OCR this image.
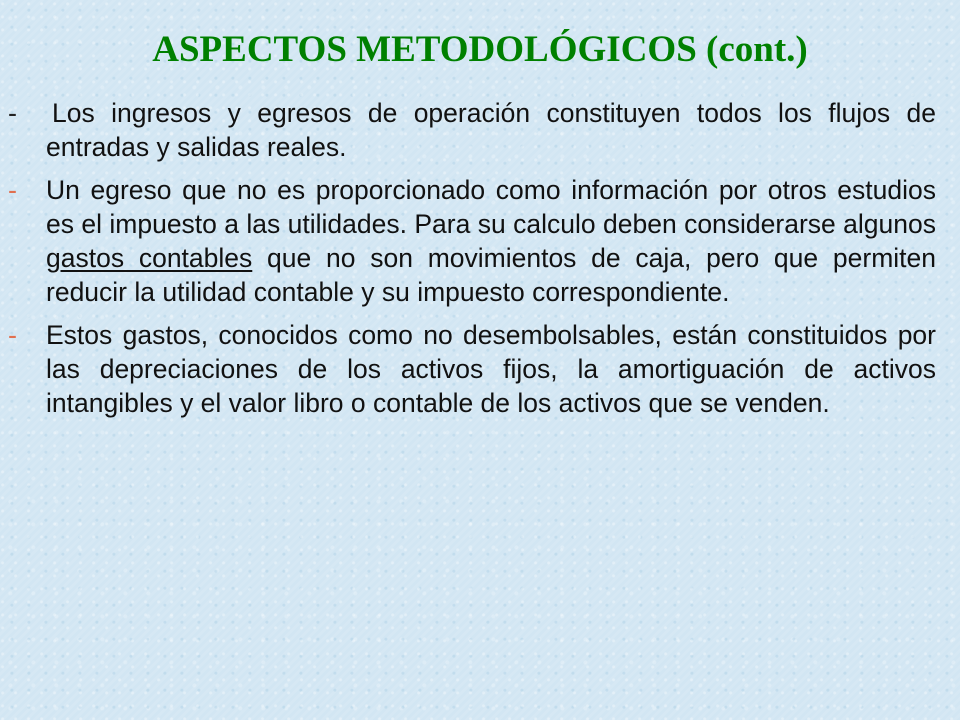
ASPECTOS METODOLÓGICOS (cont.)
- Los ingresos y egresos de operación constituyen todos los flujos de entradas y salidas reales.

- Un egreso que no es proporcionado como información por otros estudios es el impuesto a las utilidades. Para su calculo deben considerarse algunos gastos contables que no son movimientos de caja, pero que permiten reducir la utilidad contable y su impuesto correspondiente.

- Estos gastos, conocidos como no desembolsables, están constituidos por las depreciaciones de los activos fijos, la amortiguación de activos intangibles y el valor libro o contable de los activos que se venden.
